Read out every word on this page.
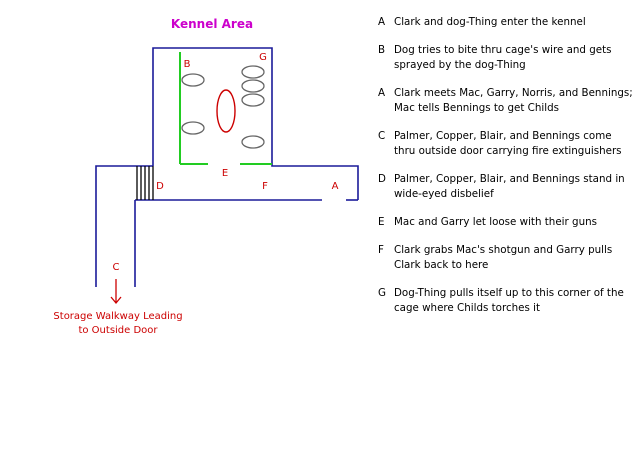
Kennel Area
B
G
E
D	F	A
C
Storage Walkway Leading
to Outside Door
A Clark and dog-Thing enter the kennel
B Dog tries to bite thru cage's wire and gets sprayed by the dog-Thing
A Clark meets Mac, Garry, Norris, and Bennings; Mac tells Bennings to get Childs
C Palmer, Copper, Blair, and Bennings come thru outside door carrying fire extinguishers
D Palmer, Copper, Blair, and Bennings stand in wide-eyed disbelief
E Mac and Garry let loose with their guns
F Clark grabs Mac's shotgun and Garry pulls Clark back to here
G Dog-Thing pulls itself up to this corner of the cage where Childs torches it
